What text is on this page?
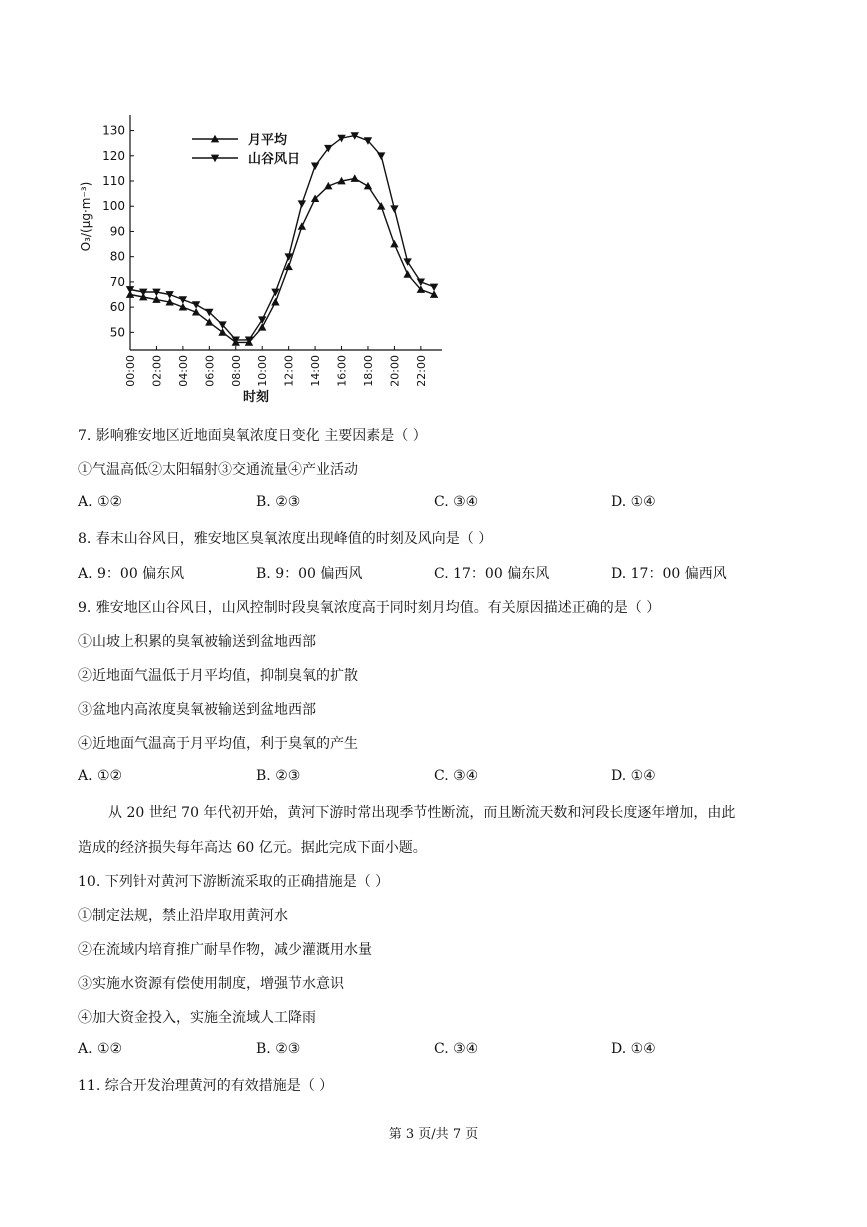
50
60
70
80
90
100
110
120
130
00:00 02:00 04:00 06:00 08:00 10:00 12:00 14:00 16:00 18:00 20:00 22:00
时刻
O₃/(μg·m⁻³)
月平均
山谷风日
7. 影响雅安地区近地面臭氧浓度日变化 主要因素是（ ）
①气温高低②太阳辐射③交通流量④产业活动
A. ①②	B. ②③	C. ③④	D. ①④
8. 春末山谷风日，雅安地区臭氧浓度出现峰值的时刻及风向是（ ）
A. 9：00 偏东风	B. 9：00 偏西风	C. 17：00 偏东风	D. 17：00 偏西风
9. 雅安地区山谷风日，山风控制时段臭氧浓度高于同时刻月均值。有关原因描述正确的是（ ）
①山坡上积累的臭氧被输送到盆地西部
②近地面气温低于月平均值，抑制臭氧的扩散
③盆地内高浓度臭氧被输送到盆地西部
④近地面气温高于月平均值，利于臭氧的产生
A. ①②	B. ②③	C. ③④	D. ①④
从 20 世纪 70 年代初开始，黄河下游时常出现季节性断流，而且断流天数和河段长度逐年增加，由此
造成的经济损失每年高达 60 亿元。据此完成下面小题。
10. 下列针对黄河下游断流采取的正确措施是（ ）
①制定法规，禁止沿岸取用黄河水
②在流域内培育推广耐旱作物，减少灌溉用水量
③实施水资源有偿使用制度，增强节水意识
④加大资金投入，实施全流域人工降雨
A. ①②	B. ②③	C. ③④	D. ①④
11. 综合开发治理黄河的有效措施是（ ）
第 3 页/共 7 页
